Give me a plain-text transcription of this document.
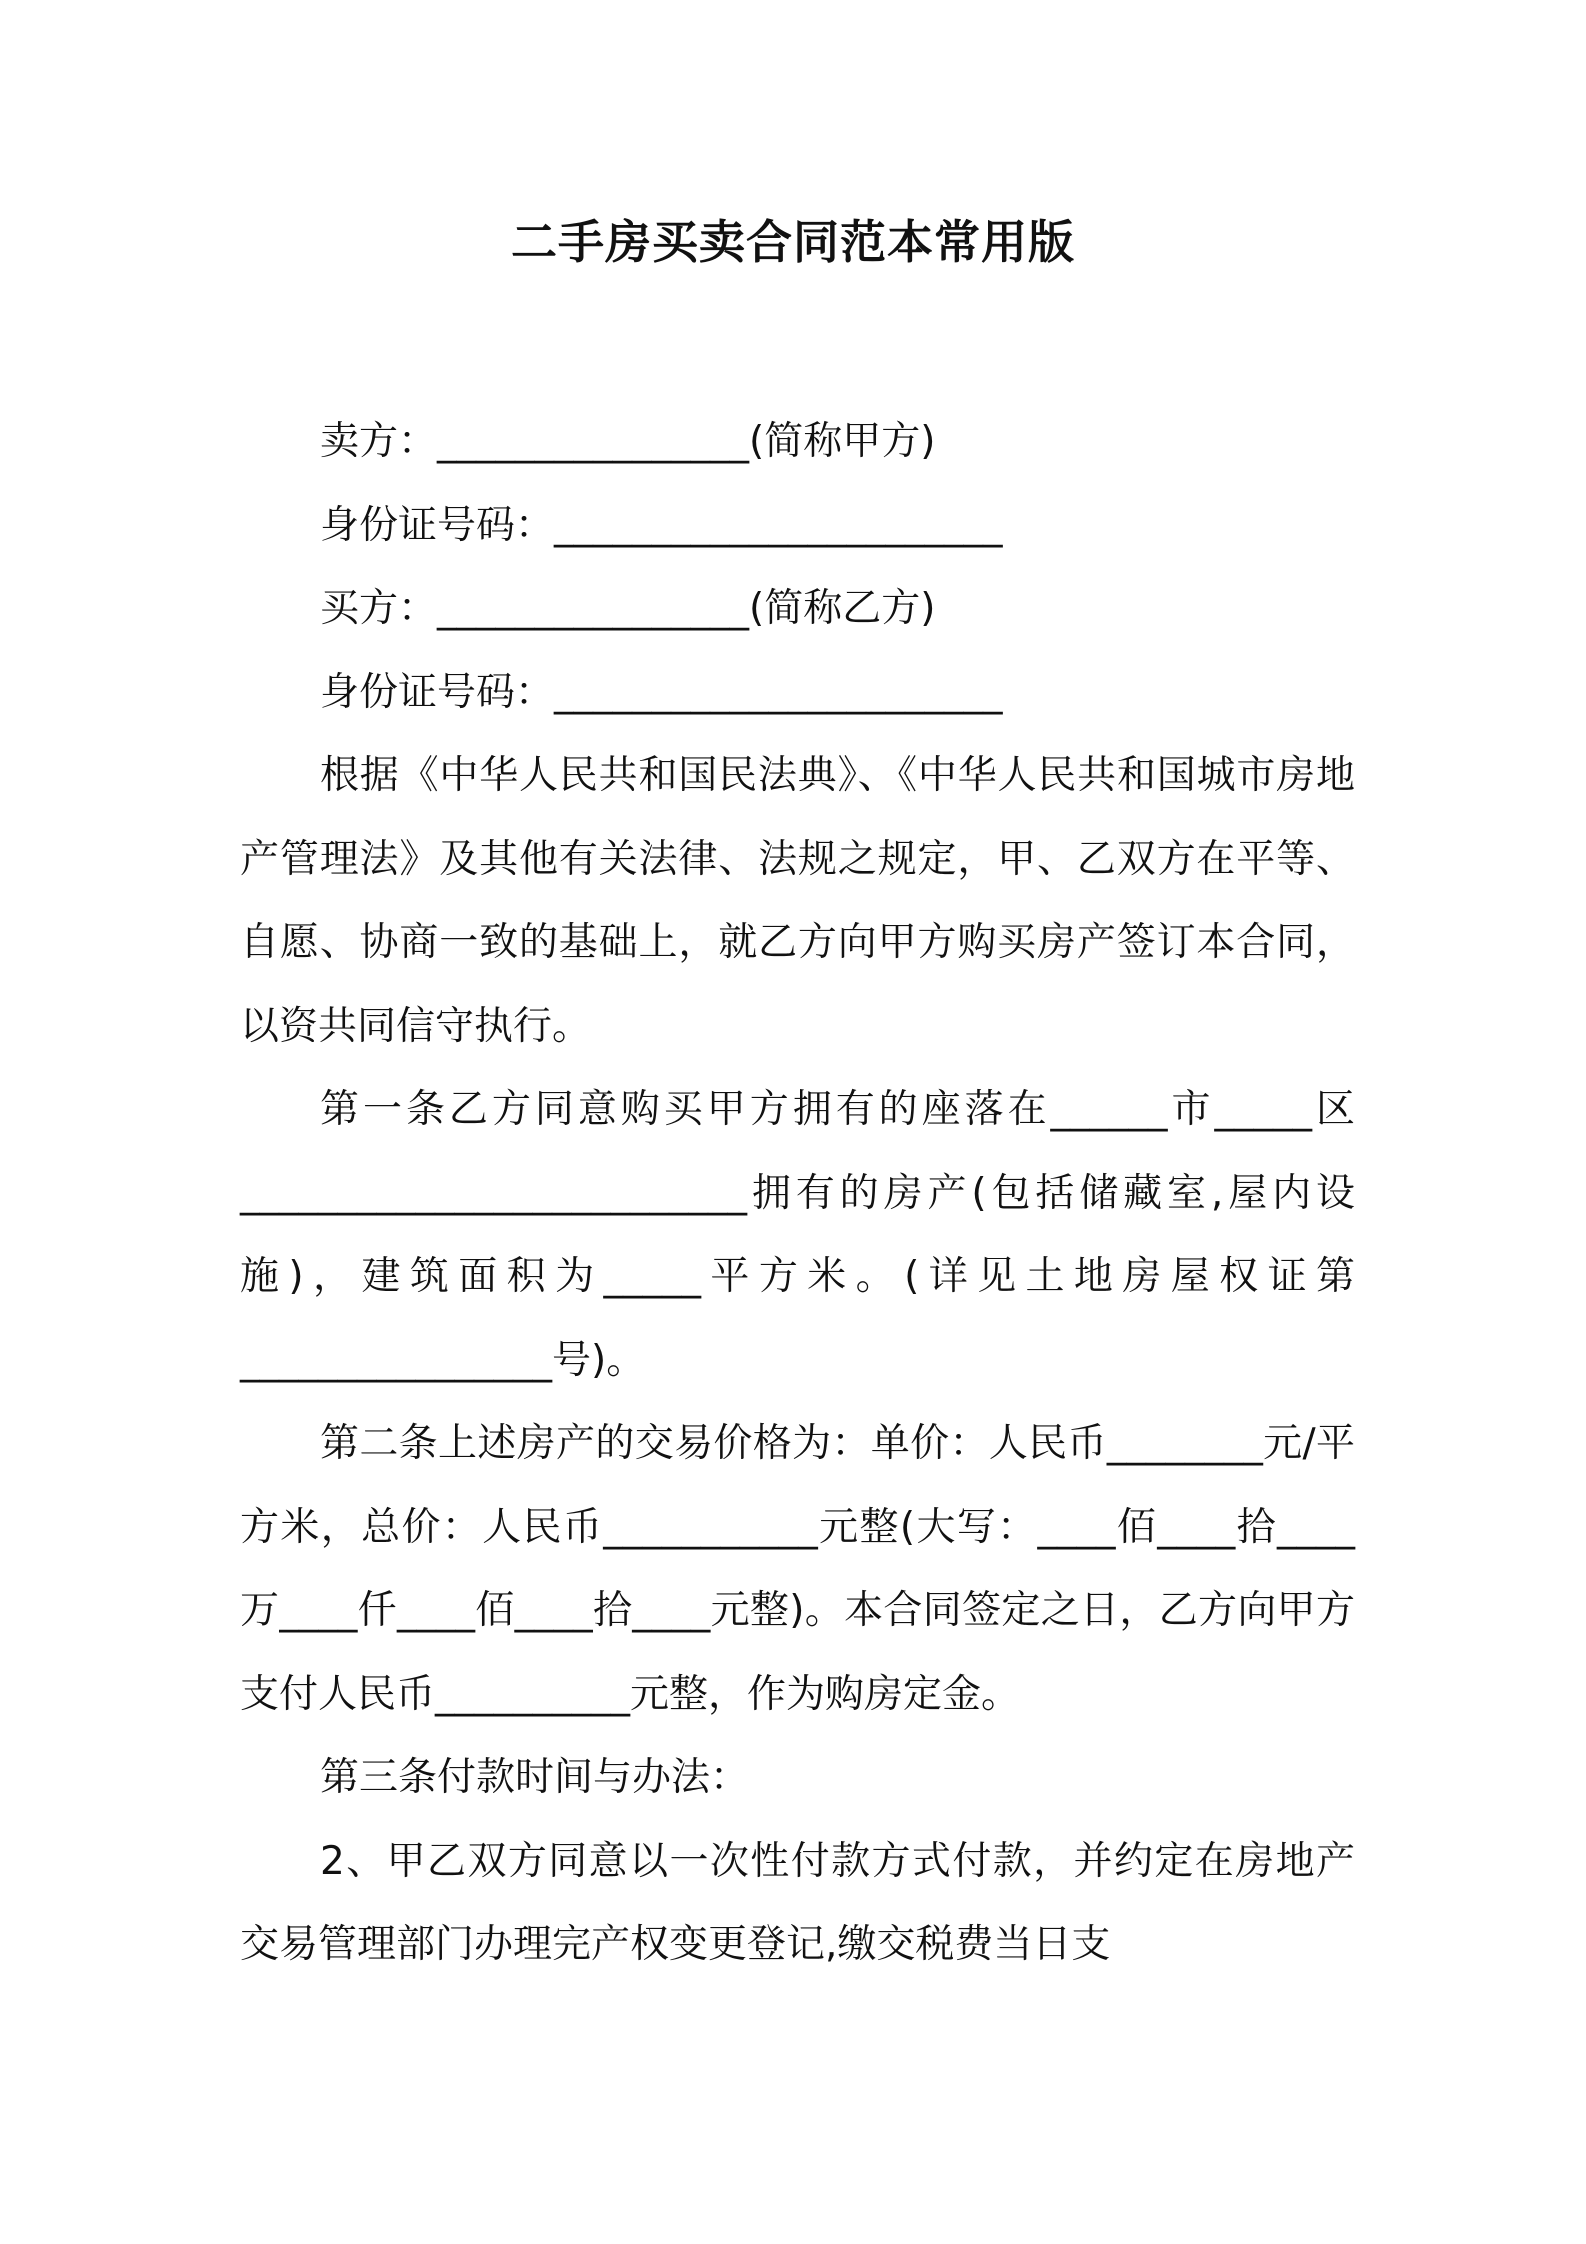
二手房买卖合同范本常用版
卖方：________________(简称甲方)
身份证号码：_______________________
买方：________________(简称乙方)
身份证号码：_______________________

根据《中华人民共和国民法典》、《中华人民共和国城市房地产管理法》及其他有关法律、法规之规定，甲、乙双方在平等、自愿、协商一致的基础上，就乙方向甲方购买房产签订本合同，以资共同信守执行。

第一条乙方同意购买甲方拥有的座落在______市_____区__________________________拥有的房产(包括储藏室,屋内设施)，建筑面积为_____平方米。(详见土地房屋权证第________________号)。

第二条上述房产的交易价格为：单价：人民币________元/平方米，总价：人民币___________元整(大写：____佰____拾____万____仟____佰____拾____元整)。本合同签定之日，乙方向甲方支付人民币__________元整，作为购房定金。

第三条付款时间与办法：

2、甲乙双方同意以一次性付款方式付款，并约定在房地产交易管理部门办理完产权变更登记,缴交税费当日支
